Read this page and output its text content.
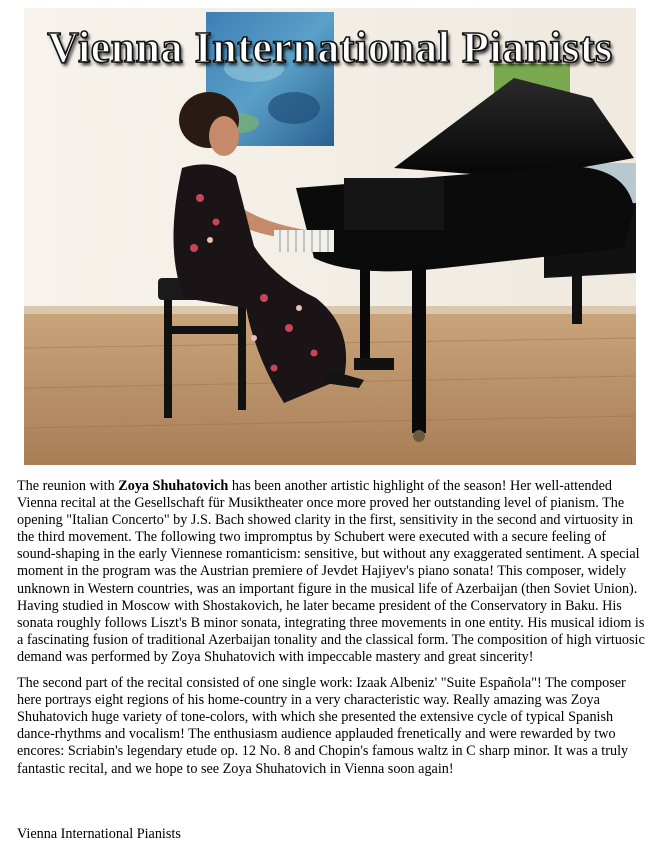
Vienna International Pianists

The reunion with Zoya Shuhatovich has been another artistic highlight of the season! Her well-attended Vienna recital at the Gesellschaft für Musiktheater once more proved her outstanding level of pianism. The opening "Italian Concerto" by J.S. Bach showed clarity in the first, sensitivity in the second and virtuosity in the third movement. The following two impromptus by Schubert were executed with a secure feeling of sound-shaping in the early Viennese romanticism: sensitive, but without any exaggerated sentiment. A special moment in the program was the Austrian premiere of Jevdet Hajiyev's piano sonata! This composer, widely unknown in Western countries, was an important figure in the musical life of Azerbaijan (then Soviet Union). Having studied in Moscow with Shostakovich, he later became president of the Conservatory in Baku. His sonata roughly follows Liszt's B minor sonata, integrating three movements in one entity. His musical idiom is a fascinating fusion of traditional Azerbaijan tonality and the classical form. The composition of high virtuosic demand was performed by Zoya Shuhatovich with impeccable mastery and great sincerity!

The second part of the recital consisted of one single work: Izaak Albeniz' "Suite Española"! The composer here portrays eight regions of his home-country in a very characteristic way. Really amazing was Zoya Shuhatovich huge variety of tone-colors, with which she presented the extensive cycle of typical Spanish dance-rhythms and vocalism! The enthusiasm audience applauded frenetically and were rewarded by two encores: Scriabin's legendary etude op. 12 No. 8 and Chopin's famous waltz in C sharp minor. It was a truly fantastic recital, and we hope to see Zoya Shuhatovich in Vienna soon again!

Vienna International Pianists
